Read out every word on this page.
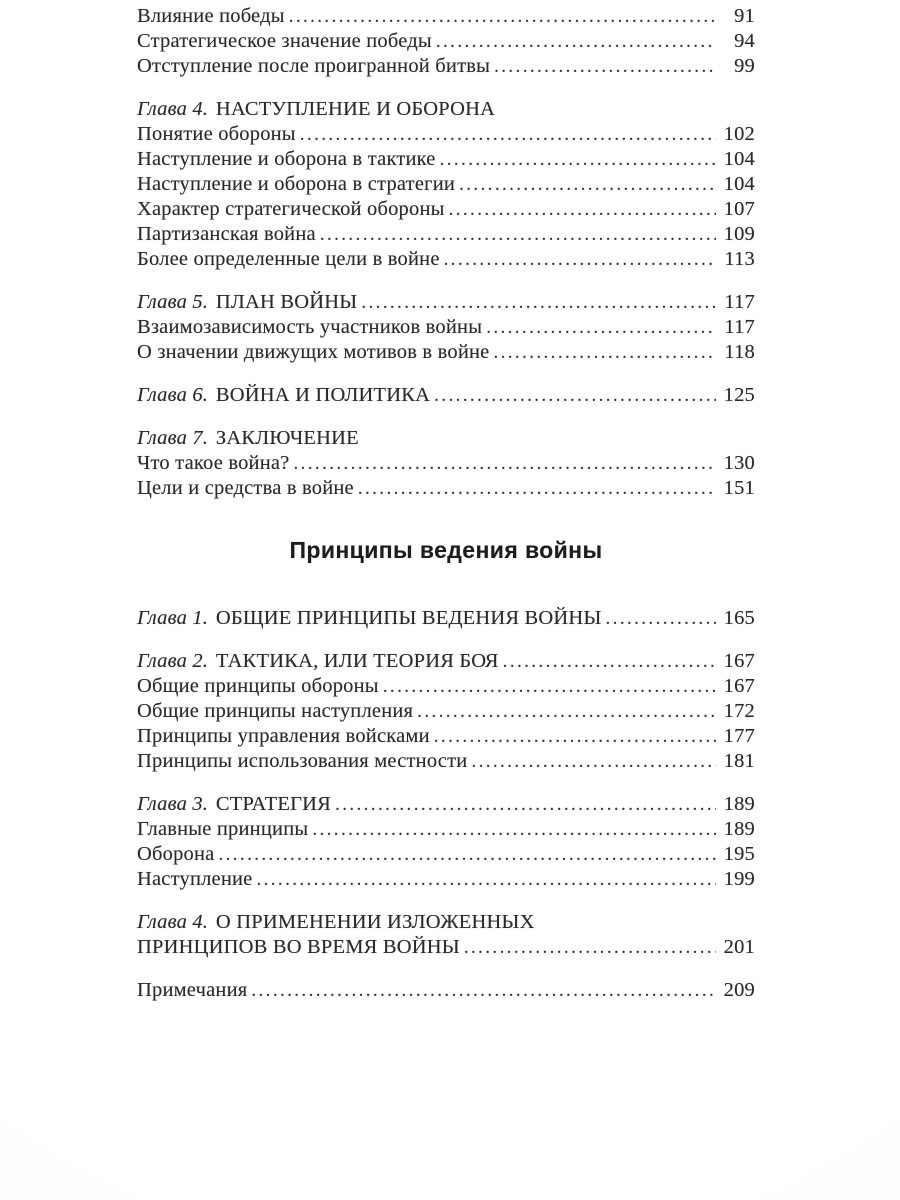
Влияние победы .....	91
Стратегическое значение победы .....	94
Отступление после проигранной битвы .....	99
Глава 4. НАСТУПЛЕНИЕ И ОБОРОНА
Понятие обороны .....	102
Наступление и оборона в тактике .....	104
Наступление и оборона в стратегии .....	104
Характер стратегической обороны .....	107
Партизанская война .....	109
Более определенные цели в войне .....	113
Глава 5. ПЛАН ВОЙНЫ .....	117
Взаимозависимость участников войны .....	117
О значении движущих мотивов в войне .....	118
Глава 6. ВОЙНА И ПОЛИТИКА .....	125
Глава 7. ЗАКЛЮЧЕНИЕ
Что такое война? .....	130
Цели и средства в войне .....	151
Принципы ведения войны
Глава 1. ОБЩИЕ ПРИНЦИПЫ ВЕДЕНИЯ ВОЙНЫ .....	165
Глава 2. ТАКТИКА, ИЛИ ТЕОРИЯ БОЯ .....	167
Общие принципы обороны .....	167
Общие принципы наступления .....	172
Принципы управления войсками .....	177
Принципы использования местности .....	181
Глава 3. СТРАТЕГИЯ .....	189
Главные принципы .....	189
Оборона .....	195
Наступление .....	199
Глава 4. О ПРИМЕНЕНИИ ИЗЛОЖЕННЫХ
ПРИНЦИПОВ ВО ВРЕМЯ ВОЙНЫ .....	201
Примечания .....	209
